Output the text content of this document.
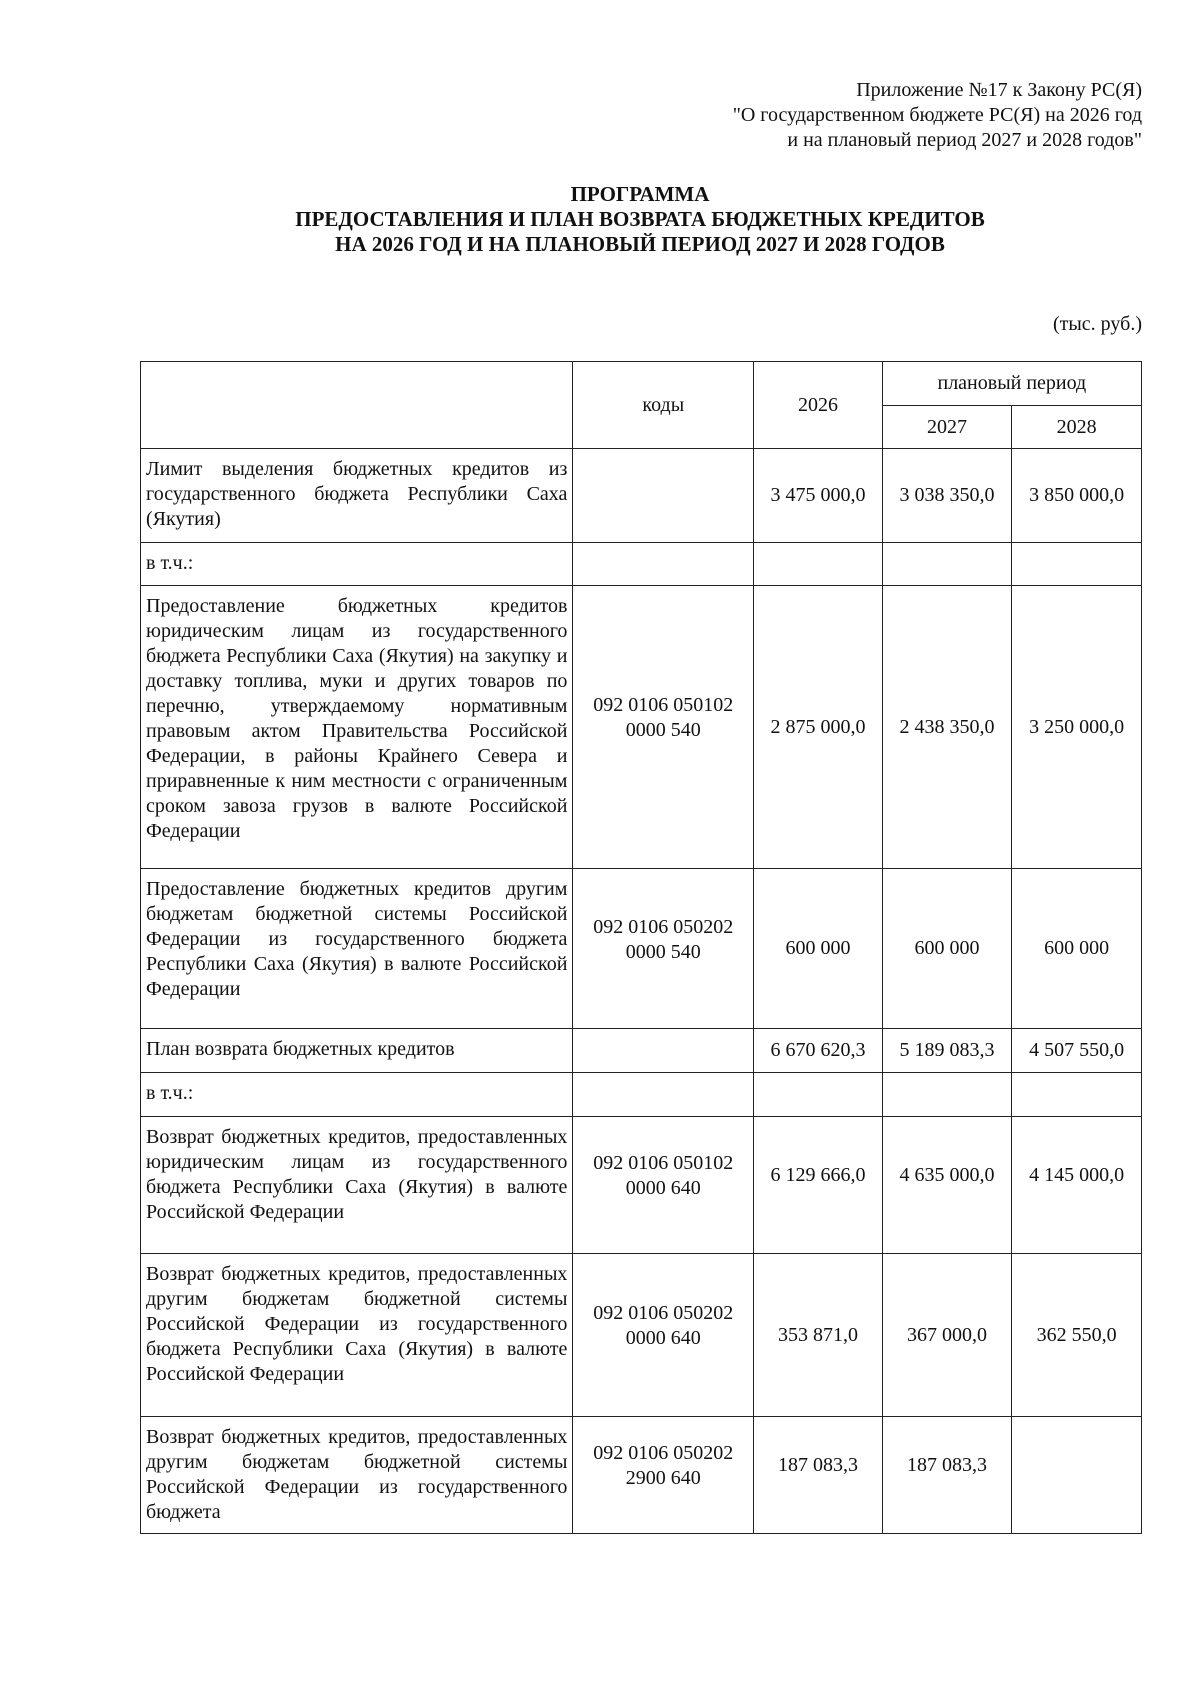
Приложение №17 к Закону РС(Я)
"О государственном бюджете РС(Я) на 2026 год
и на плановый период 2027 и 2028 годов"
ПРОГРАММА
ПРЕДОСТАВЛЕНИЯ И ПЛАН ВОЗВРАТА БЮДЖЕТНЫХ КРЕДИТОВ
НА 2026 ГОД И НА ПЛАНОВЫЙ ПЕРИОД 2027 И 2028 ГОДОВ
(тыс. руб.)
	коды	2026	плановый период	
			2027	2028
Лимит выделения бюджетных кредитов из государственного бюджета Республики Саха (Якутия)		3 475 000,0	3 038 350,0	3 850 000,0
в т.ч.:				
Предоставление бюджетных кредитов юридическим лицам из государственного бюджета Республики Саха (Якутия) на закупку и доставку топлива, муки и других товаров по перечню, утверждаемому нормативным правовым актом Правительства Российской Федерации, в районы Крайнего Севера и приравненные к ним местности с ограниченным сроком завоза грузов в валюте Российской Федерации	092 0106 050102 0000 540	2 875 000,0	2 438 350,0	3 250 000,0
Предоставление бюджетных кредитов другим бюджетам бюджетной системы Российской Федерации из государственного бюджета Республики Саха (Якутия) в валюте Российской Федерации	092 0106 050202 0000 540	600 000	600 000	600 000
План возврата бюджетных кредитов		6 670 620,3	5 189 083,3	4 507 550,0
в т.ч.:				
Возврат бюджетных кредитов, предоставленных юридическим лицам из государственного бюджета Республики Саха (Якутия) в валюте Российской Федерации	092 0106 050102 0000 640	6 129 666,0	4 635 000,0	4 145 000,0

Возврат бюджетных кредитов, предоставленных другим бюджетам бюджетной системы Российской Федерации из государственного бюджета Республики Саха (Якутия) в валюте Российской Федерации	092 0106 050202 0000 640	353 871,0	367 000,0	362 550,0
Возврат бюджетных кредитов, предоставленных другим бюджетам бюджетной системы Российской Федерации из государственного бюджета	092 0106 050202 2900 640	187 083,3	187 083,3	
